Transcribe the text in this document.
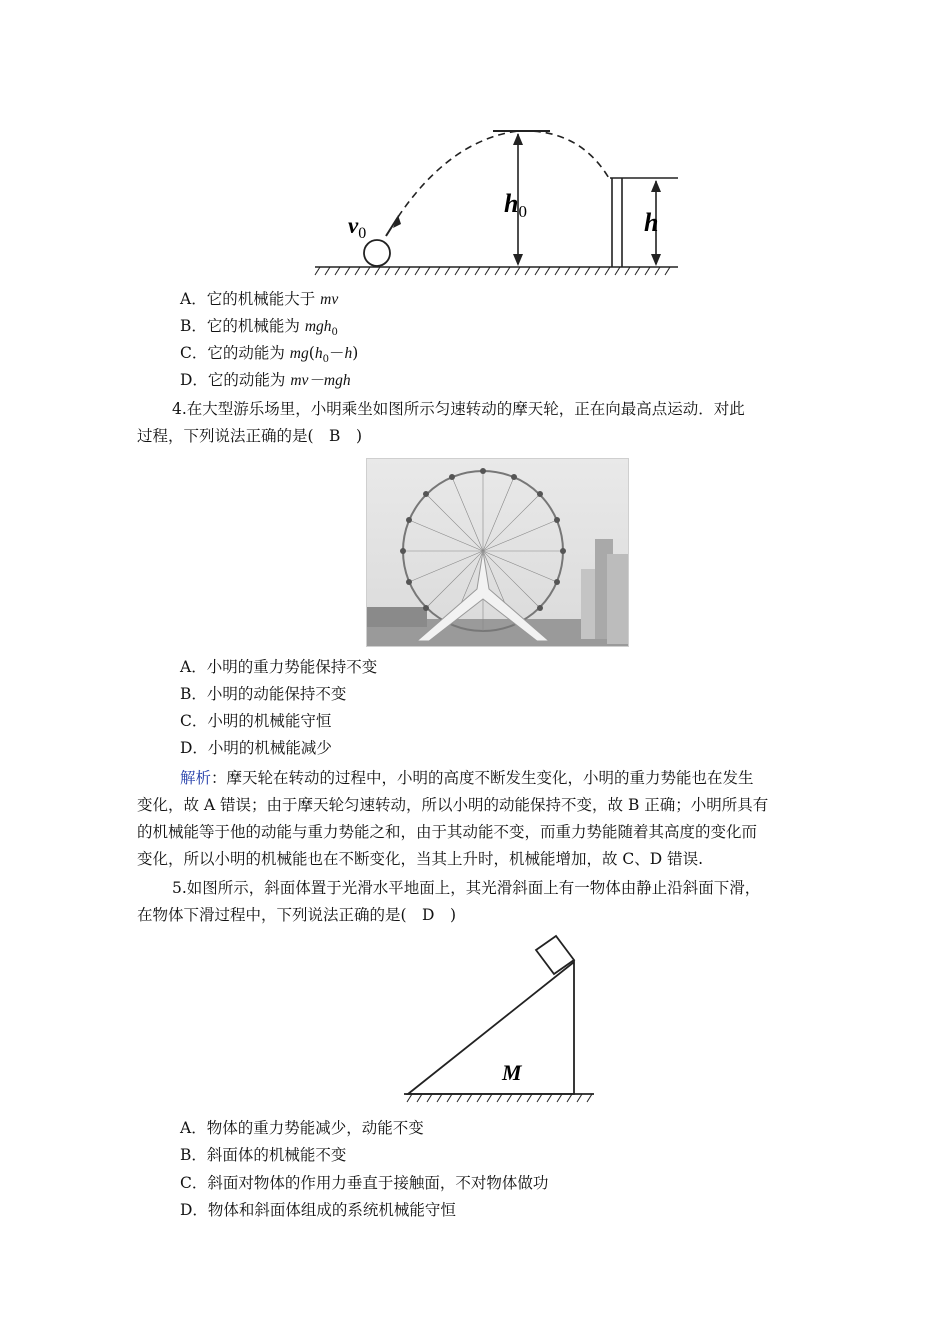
$v_0$
h0	h
A．它的机械能大于 mv
B．它的机械能为 mgh$_0$
C．它的动能为 $mg(h_0-h)$
D．它的动能为 mv－mgh
4.在大型游乐场里，小明乘坐如图所示匀速转动的摩天轮，正在向最高点运动．对此
过程，下列说法正确的是(　B　)
A．小明的重力势能保持不变
B．小明的动能保持不变
C．小明的机械能守恒
D．小明的机械能减少
解析：摩天轮在转动的过程中，小明的高度不断发生变化，小明的重力势能也在发生
变化，故 A 错误；由于摩天轮匀速转动，所以小明的动能保持不变，故 B 正确；小明所具有
的机械能等于他的动能与重力势能之和，由于其动能不变，而重力势能随着其高度的变化而
变化，所以小明的机械能也在不断变化，当其上升时，机械能增加，故 C、D 错误.
5.如图所示，斜面体置于光滑水平地面上，其光滑斜面上有一物体由静止沿斜面下滑，
在物体下滑过程中，下列说法正确的是(　D　)
M
A．物体的重力势能减少，动能不变
B．斜面体的机械能不变
C．斜面对物体的作用力垂直于接触面，不对物体做功
D．物体和斜面体组成的系统机械能守恒
